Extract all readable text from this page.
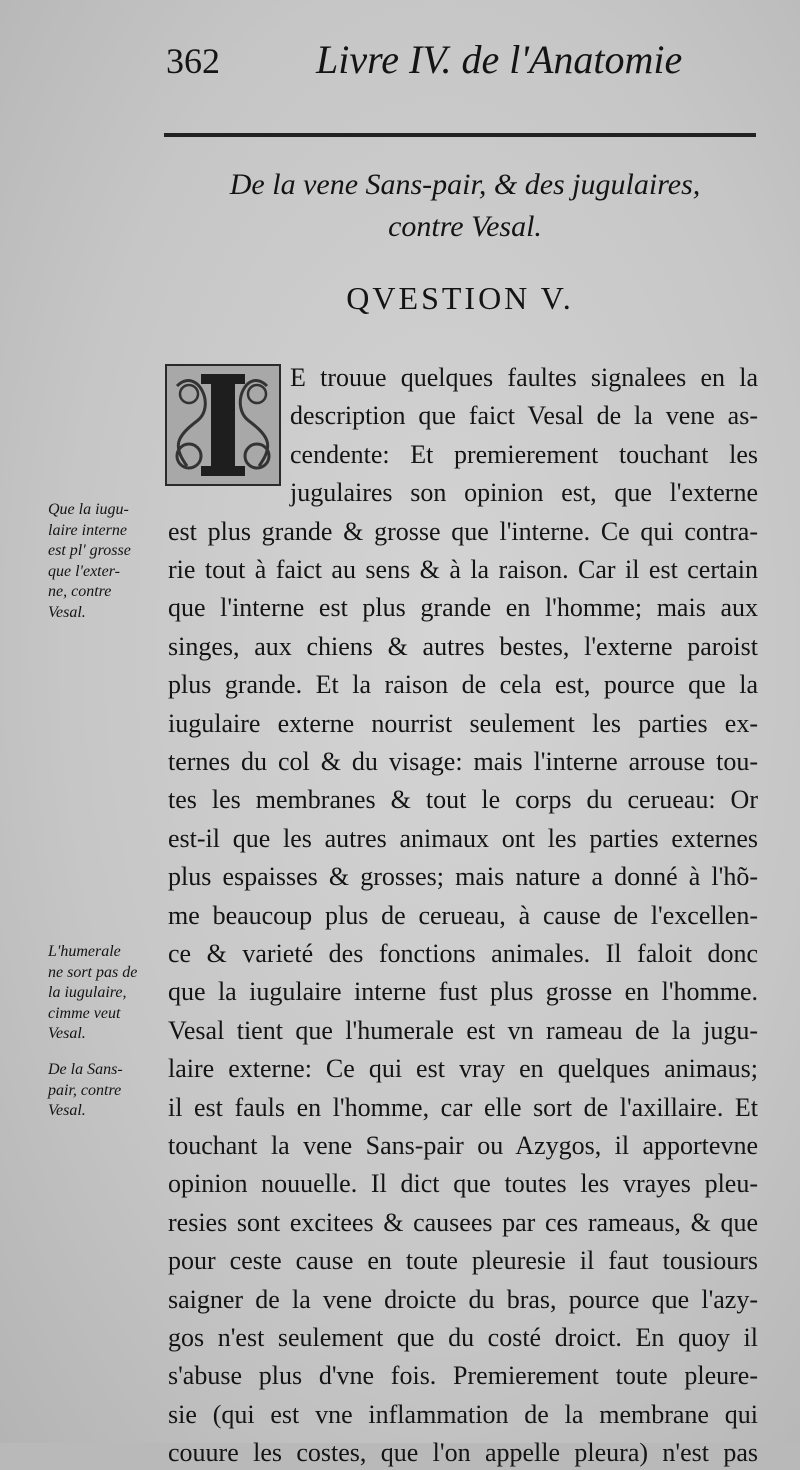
362 Livre IV. de l'Anatomie
De la vene Sans-pair, & des jugulaires,
contre Vesal.
QVESTION V.
E trouue quelques faultes signalees en la
description que faict Vesal de la vene as-
cendente: Et premierement touchant les
jugulaires son opinion est, que l'externe
est plus grande & grosse que l'interne. Ce qui contra-
rie tout à faict au sens & à la raison. Car il est certain
que l'interne est plus grande en l'homme; mais aux
singes, aux chiens & autres bestes, l'externe paroist
plus grande. Et la raison de cela est, pource que la
iugulaire externe nourrist seulement les parties ex-
ternes du col & du visage: mais l'interne arrouse tou-
tes les membranes & tout le corps du cerueau: Or
est-il que les autres animaux ont les parties externes
plus espaisses & grosses; mais nature a donné à l'hõ-
me beaucoup plus de cerueau, à cause de l'excellen-
ce & varieté des fonctions animales. Il faloit donc
que la iugulaire interne fust plus grosse en l'homme.
Vesal tient que l'humerale est vn rameau de la jugu-
laire externe: Ce qui est vray en quelques animaus;
il est fauls en l'homme, car elle sort de l'axillaire. Et
touchant la vene Sans-pair ou Azygos, il apportevne
opinion nouuelle. Il dict que toutes les vrayes pleu-
resies sont excitees & causees par ces rameaus, & que
pour ceste cause en toute pleuresie il faut tousiours
saigner de la vene droicte du bras, pource que l'azy-
gos n'est seulement que du costé droict. En quoy il
s'abuse plus d'vne fois. Premierement toute pleure-
sie (qui est vne inflammation de la membrane qui
couure les costes, que l'on appelle pleura) n'est pas
Que la iugu-
laire interne
est pl' grosse
que l'exter-
ne, contre
Vesal.
L'humerale
ne sort pas de
la iugulaire,
cimme veut
Vesal.
De la Sans-
pair, contre
Vesal.
